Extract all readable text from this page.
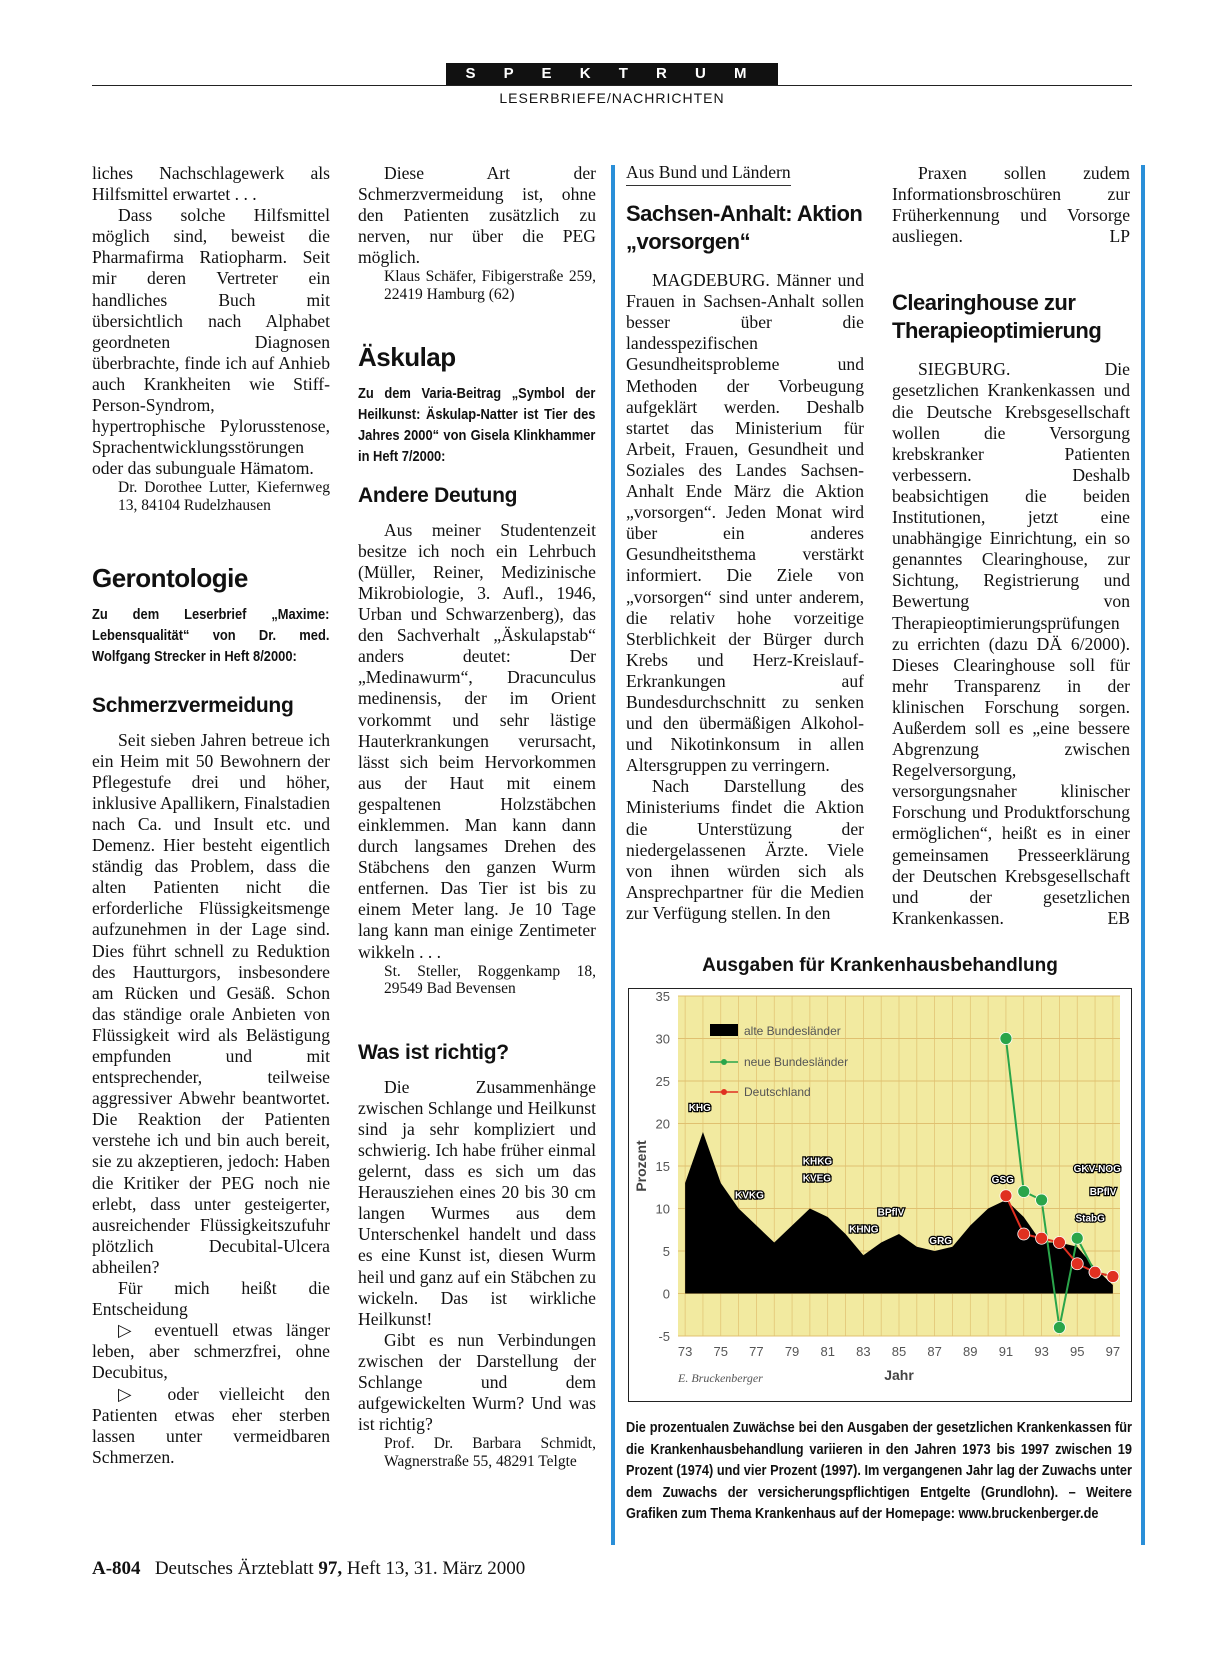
S P E K T R U M
LESERBRIEFE/NACHRICHTEN

liches Nachschlagewerk als Hilfsmittel erwartet . . .

Dass solche Hilfsmittel möglich sind, beweist die Pharmafirma Ratiopharm. Seit mir deren Vertreter ein handliches Buch mit übersichtlich nach Alphabet geordneten Diagnosen überbrachte, finde ich auf Anhieb auch Krankheiten wie Stiff-Person-Syndrom, hypertrophische Pylorusstenose, Sprachentwicklungsstörungen oder das subunguale Hämatom.

Dr. Dorothee Lutter, Kiefernweg 13, 84104 Rudelzhausen

Gerontologie
Zu dem Leserbrief „Maxime: Lebensqualität“ von Dr. med. Wolfgang Strecker in Heft 8/2000:
Schmerzvermeidung

Seit sieben Jahren betreue ich ein Heim mit 50 Bewohnern der Pflegestufe drei und höher, inklusive Apallikern, Finalstadien nach Ca. und Insult etc. und Demenz. Hier besteht eigentlich ständig das Problem, dass die alten Patienten nicht die erforderliche Flüssigkeitsmenge aufzunehmen in der Lage sind. Dies führt schnell zu Reduktion des Hautturgors, insbesondere am Rücken und Gesäß. Schon das ständige orale Anbieten von Flüssigkeit wird als Belästigung empfunden und mit entsprechender, teilweise aggressiver Abwehr beantwortet. Die Reaktion der Patienten verstehe ich und bin auch bereit, sie zu akzeptieren, jedoch: Haben die Kritiker der PEG noch nie erlebt, dass unter gesteigerter, ausreichender Flüssigkeitszufuhr plötzlich Decubital-Ulcera abheilen?

Für mich heißt die Entscheidung

▷ eventuell etwas länger leben, aber schmerzfrei, ohne Decubitus,

▷ oder vielleicht den Patienten etwas eher sterben lassen unter vermeidbaren Schmerzen.

Diese Art der Schmerzvermeidung ist, ohne den Patienten zusätzlich zu nerven, nur über die PEG möglich.

Klaus Schäfer, Fibigerstraße 259, 22419 Hamburg (62)

Äskulap
Zu dem Varia-Beitrag „Symbol der Heilkunst: Äskulap-Natter ist Tier des Jahres 2000“ von Gisela Klinkhammer in Heft 7/2000:
Andere Deutung

Aus meiner Studentenzeit besitze ich noch ein Lehrbuch (Müller, Reiner, Medizinische Mikrobiologie, 3. Aufl., 1946, Urban und Schwarzenberg), das den Sachverhalt „Äskulapstab“ anders deutet: Der „Medinawurm“, Dracunculus medinensis, der im Orient vorkommt und sehr lästige Hauterkrankungen verursacht, lässt sich beim Hervorkommen aus der Haut mit einem gespaltenen Holzstäbchen einklemmen. Man kann dann durch langsames Drehen des Stäbchens den ganzen Wurm entfernen. Das Tier ist bis zu einem Meter lang. Je 10 Tage lang kann man einige Zentimeter wikkeln . . .

St. Steller, Roggenkamp 18, 29549 Bad Bevensen

Was ist richtig?

Die Zusammenhänge zwischen Schlange und Heilkunst sind ja sehr kompliziert und schwierig. Ich habe früher einmal gelernt, dass es sich um das Herausziehen eines 20 bis 30 cm langen Wurmes aus dem Unterschenkel handelt und dass es eine Kunst ist, diesen Wurm heil und ganz auf ein Stäbchen zu wickeln. Das ist wirkliche Heilkunst!

Gibt es nun Verbindungen zwischen der Darstellung der Schlange und dem aufgewickelten Wurm? Und was ist richtig?

Prof. Dr. Barbara Schmidt, Wagnerstraße 55, 48291 Telgte

Aus Bund und Ländern
Sachsen-Anhalt: Aktion „vorsorgen“

MAGDEBURG. Männer und Frauen in Sachsen-Anhalt sollen besser über die landesspezifischen Gesundheitsprobleme und Methoden der Vorbeugung aufgeklärt werden. Deshalb startet das Ministerium für Arbeit, Frauen, Gesundheit und Soziales des Landes Sachsen-Anhalt Ende März die Aktion „vorsorgen“. Jeden Monat wird über ein anderes Gesundheitsthema verstärkt informiert. Die Ziele von „vorsorgen“ sind unter anderem, die relativ hohe vorzeitige Sterblichkeit der Bürger durch Krebs und Herz-Kreislauf-Erkrankungen auf Bundesdurchschnitt zu senken und den übermäßigen Alkohol- und Nikotinkonsum in allen Altersgruppen zu verringern.

Nach Darstellung des Ministeriums findet die Aktion die Unterstüzung der niedergelassenen Ärzte. Viele von ihnen würden sich als Ansprechpartner für die Medien zur Verfügung stellen. In den

Praxen sollen zudem Informationsbroschüren zur Früherkennung und Vorsorge ausliegen.	LP

Clearinghouse zur Therapieoptimierung

SIEGBURG. Die gesetzlichen Krankenkassen und die Deutsche Krebsgesellschaft wollen die Versorgung krebskranker Patienten verbessern. Deshalb beabsichtigen die beiden Institutionen, jetzt eine unabhängige Einrichtung, ein so genanntes Clearinghouse, zur Sichtung, Registrierung und Bewertung von Therapieoptimierungsprüfungen zu errichten (dazu DÄ 6/2000). Dieses Clearinghouse soll für mehr Transparenz in der klinischen Forschung sorgen. Außerdem soll es „eine bessere Abgrenzung zwischen Regelversorgung, versorgungsnaher klinischer Forschung und Produktforschung ermöglichen“, heißt es in einer gemeinsamen Presseerklärung der Deutschen Krebsgesellschaft und der gesetzlichen Krankenkassen.	EB

Ausgaben für Krankenhausbehandlung
-5
0
5
10
15
20
25
30
35
73 75 77 79 81 83 85 87 89 91 93 95 97
Prozent
Jahr
E. Bruckenberger
alte Bundesländer
neue Bundesländer
Deutschland
KHG
KVKG
KHKG
KVEG
BPflV
KHNG
GRG
GSG
GKV-NOG
BPflV
StabG
Die prozentualen Zuwächse bei den Ausgaben der gesetzlichen Krankenkassen für die Krankenhausbehandlung variieren in den Jahren 1973 bis 1997 zwischen 19 Prozent (1974) und vier Prozent (1997). Im vergangenen Jahr lag der Zuwachs unter dem Zuwachs der versicherungspflichtigen Entgelte (Grundlohn). – Weitere Grafiken zum Thema Krankenhaus auf der Homepage: www.bruckenberger.de
A-804 Deutsches Ärzteblatt 97, Heft 13, 31. März 2000
